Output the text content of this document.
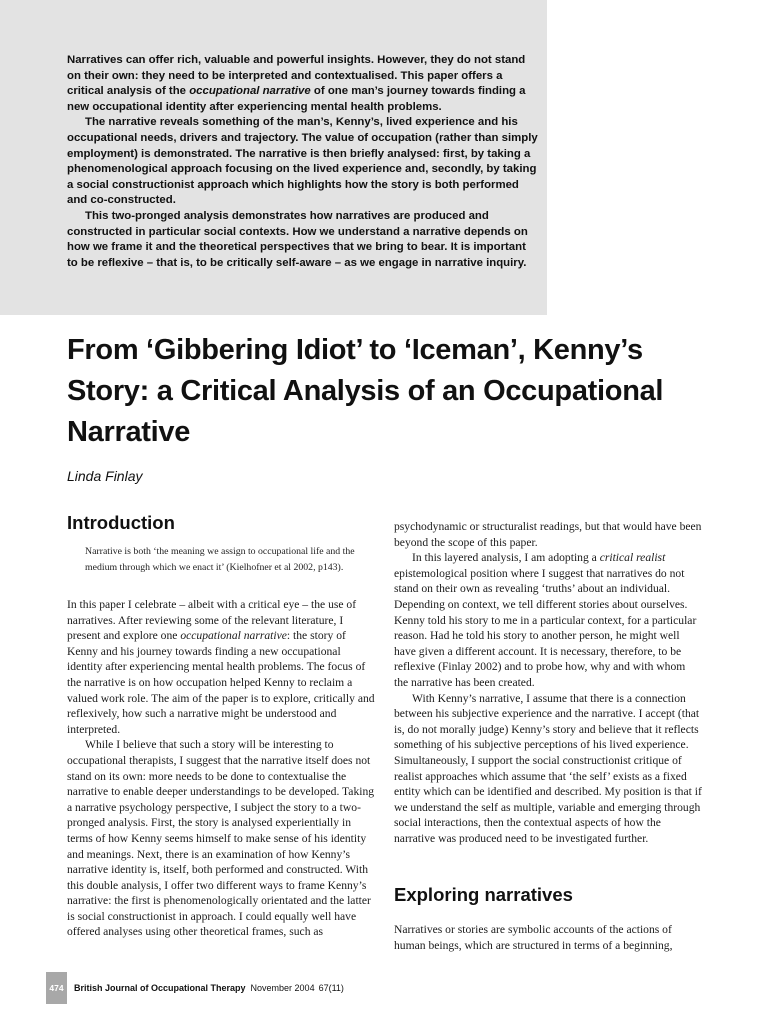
Narratives can offer rich, valuable and powerful insights. However, they do not stand on their own: they need to be interpreted and contextualised. This paper offers a critical analysis of the occupational narrative of one man’s journey towards finding a new occupational identity after experiencing mental health problems.

The narrative reveals something of the man’s, Kenny’s, lived experience and his occupational needs, drivers and trajectory. The value of occupation (rather than simply employment) is demonstrated. The narrative is then briefly analysed: first, by taking a phenomenological approach focusing on the lived experience and, secondly, by taking a social constructionist approach which highlights how the story is both performed and co-constructed.

This two-pronged analysis demonstrates how narratives are produced and constructed in particular social contexts. How we understand a narrative depends on how we frame it and the theoretical perspectives that we bring to bear. It is important to be reflexive – that is, to be critically self-aware – as we engage in narrative inquiry.

From ‘Gibbering Idiot’ to ‘Iceman’, Kenny’s Story: a Critical Analysis of an Occupational Narrative
Linda Finlay
Introduction
Narrative is both ‘the meaning we assign to occupational life and the medium through which we enact it’ (Kielhofner et al 2002, p143).

In this paper I celebrate – albeit with a critical eye – the use of narratives. After reviewing some of the relevant literature, I present and explore one occupational narrative: the story of Kenny and his journey towards finding a new occupational identity after experiencing mental health problems. The focus of the narrative is on how occupation helped Kenny to reclaim a valued work role. The aim of the paper is to explore, critically and reflexively, how such a narrative might be understood and interpreted.

While I believe that such a story will be interesting to occupational therapists, I suggest that the narrative itself does not stand on its own: more needs to be done to contextualise the narrative to enable deeper understandings to be developed. Taking a narrative psychology perspective, I subject the story to a two-pronged analysis. First, the story is analysed experientially in terms of how Kenny seems himself to make sense of his identity and meanings. Next, there is an examination of how Kenny’s narrative identity is, itself, both performed and constructed. With this double analysis, I offer two different ways to frame Kenny’s narrative: the first is phenomenologically orientated and the latter is social constructionist in approach. I could equally well have offered analyses using other theoretical frames, such as

psychodynamic or structuralist readings, but that would have been beyond the scope of this paper.

In this layered analysis, I am adopting a critical realist epistemological position where I suggest that narratives do not stand on their own as revealing ‘truths’ about an individual. Depending on context, we tell different stories about ourselves. Kenny told his story to me in a particular context, for a particular reason. Had he told his story to another person, he might well have given a different account. It is necessary, therefore, to be reflexive (Finlay 2002) and to probe how, why and with whom the narrative has been created.

With Kenny’s narrative, I assume that there is a connection between his subjective experience and the narrative. I accept (that is, do not morally judge) Kenny’s story and believe that it reflects something of his subjective perceptions of his lived experience. Simultaneously, I support the social constructionist critique of realist approaches which assume that ‘the self’ exists as a fixed entity which can be identified and described. My position is that if we understand the self as multiple, variable and emerging through social interactions, then the contextual aspects of how the narrative was produced need to be investigated further.

Exploring narratives

Narratives or stories are symbolic accounts of the actions of human beings, which are structured in terms of a beginning,

474	British Journal of Occupational Therapy November 2004 67(11)
